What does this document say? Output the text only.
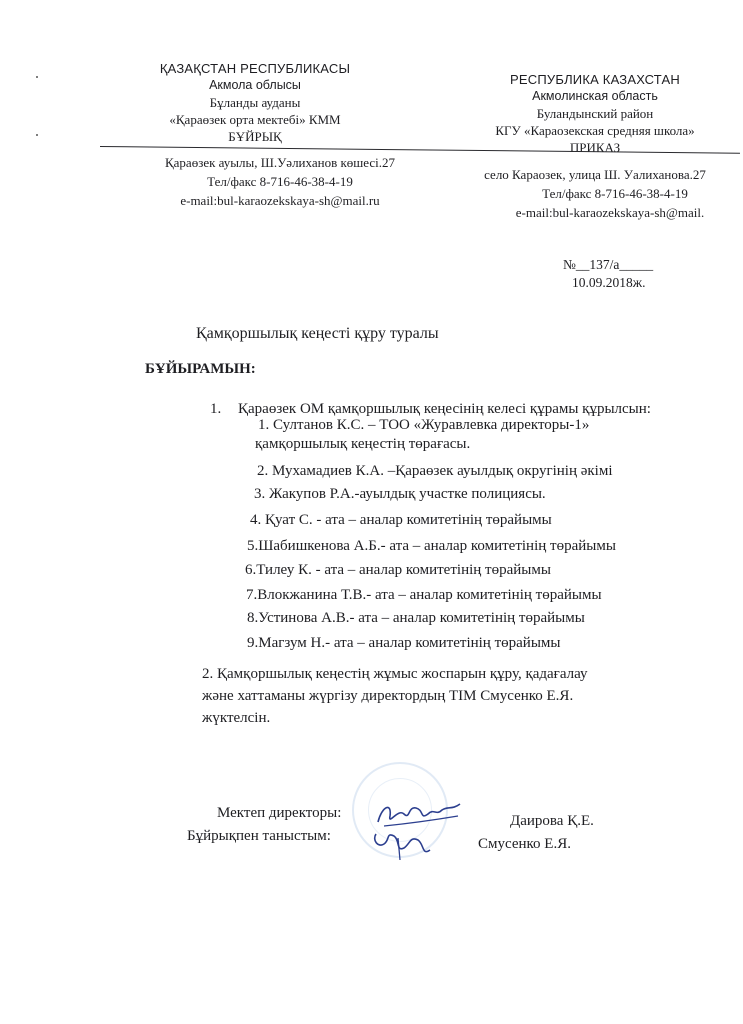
ҚАЗАҚСТАН РЕСПУБЛИКАСЫ
Акмола облысы
Бұланды ауданы
«Қараөзек орта мектебі» КММ
БҰЙРЫҚ
РЕСПУБЛИКА КАЗАХСТАН
Акмолинская область
Буландынский район
КГУ «Караозекская средняя школа»
ПРИКАЗ
Қараөзек ауылы, Ш.Уәлиханов көшесі.27
Тел/факс 8-716-46-38-4-19
e-mail:bul-karaozekskaya-sh@mail.ru
село Караозек, улица Ш. Уалиханова.27
Тел/факс 8-716-46-38-4-19
e-mail:bul-karaozekskaya-sh@mail.
№__137/а_____
10.09.2018ж.
Қамқоршылық кеңесті құру туралы
БҰЙЫРАМЫН:
1. Қараөзек ОМ қамқоршылық кеңесінің келесі құрамы құрылсын:
1. Султанов К.С. – ТОО «Журавлевка директоры-1»
қамқоршылық кеңестің төрағасы.
2. Мухамадиев К.А. –Қараөзек ауылдық округінің әкімі
3. Жакупов Р.А.-ауылдық участке полициясы.
4. Қуат С. - ата – аналар комитетінің төрайымы
5.Шабишкенова А.Б.- ата – аналар комитетінің төрайымы
6.Тилеу К. - ата – аналар комитетінің төрайымы
7.Влокжанина Т.В.- ата – аналар комитетінің төрайымы
8.Устинова А.В.- ата – аналар комитетінің төрайымы
9.Магзум Н.- ата – аналар комитетінің төрайымы
2. Қамқоршылық кеңестің жұмыс жоспарын құру, қадағалау
және хаттаманы жүргізу директордың ТІМ Смусенко Е.Я.
жүктелсін.
Мектеп директоры:
Бұйрықпен таныстым:
Даирова Қ.Е.
Смусенко Е.Я.
